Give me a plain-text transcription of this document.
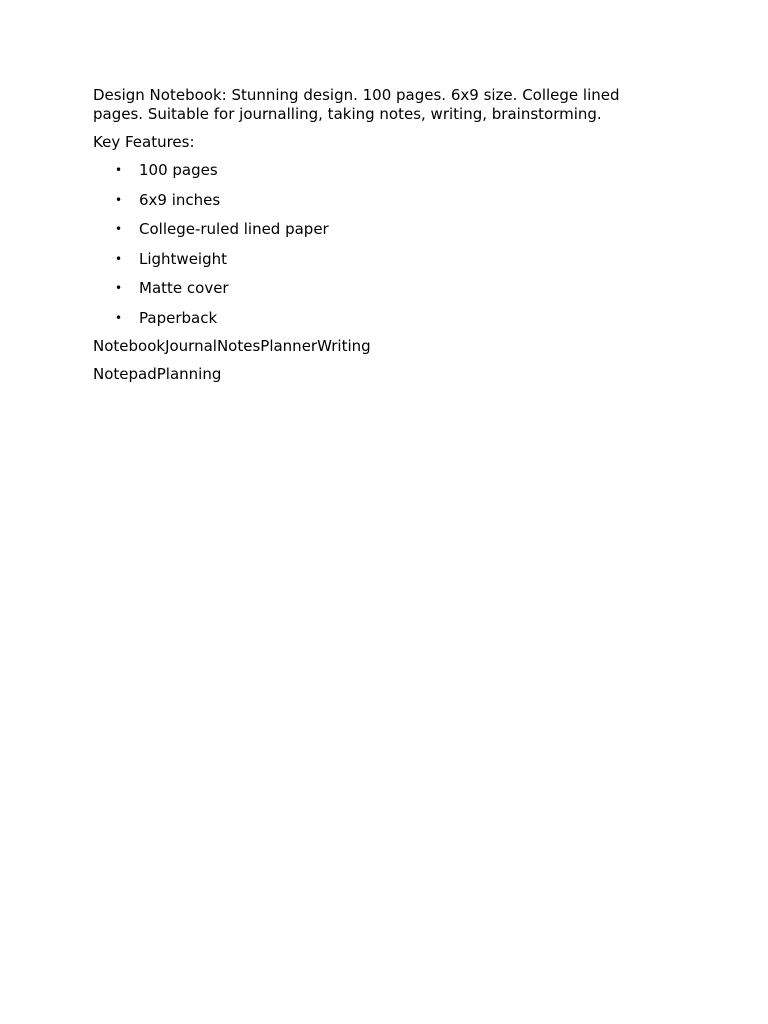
Design Notebook: Stunning design. 100 pages. 6x9 size. College lined pages. Suitable for journalling, taking notes, writing, brainstorming.

Key Features:

• 100 pages
• 6x9 inches
• College-ruled lined paper
• Lightweight
• Matte cover
• Paperback

NotebookJournalNotesPlannerWriting

NotepadPlanning
